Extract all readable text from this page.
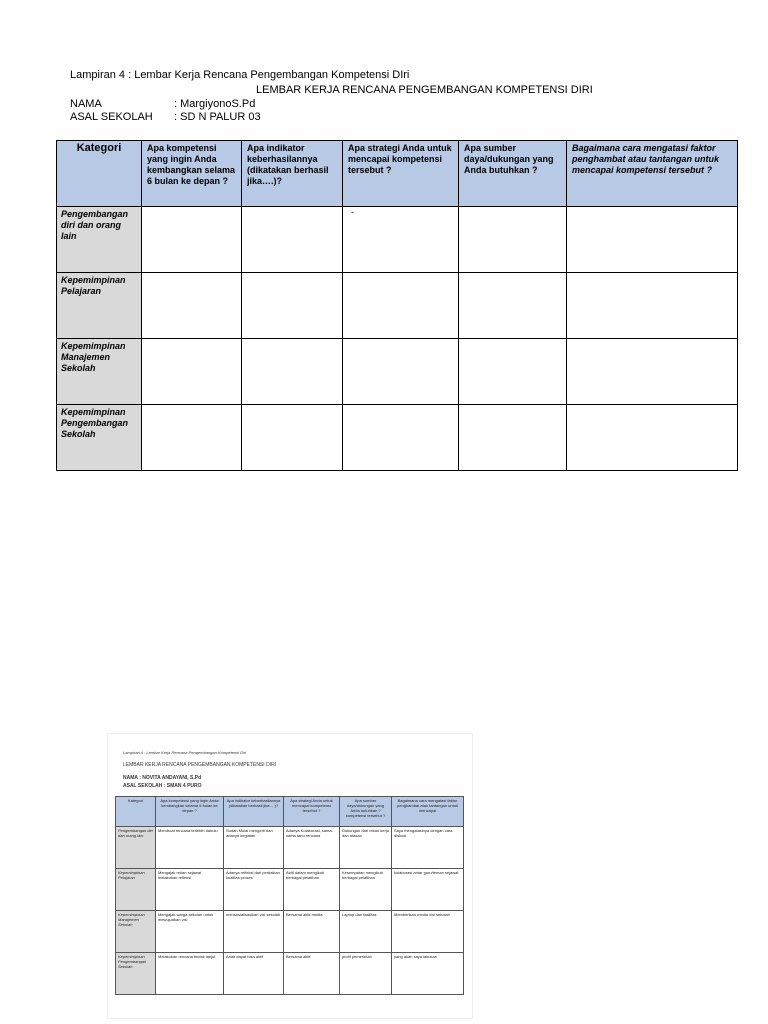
Lampiran 4 : Lembar Kerja Rencana Pengembangan Kompetensi DIri
LEMBAR KERJA RENCANA PENGEMBANGAN KOMPETENSI DIRI
NAMA	: MargiyonoS.Pd
ASAL SEKOLAH : SD N PALUR 03
Kategori	Apa kompetensi yang ingin Anda kembangkan selama 6 bulan ke depan ?	Apa indikator keberhasilannya (dikatakan berhasil jika….)?	Apa strategi Anda untuk mencapai kompetensi tersebut ?	Apa sumber daya/dukungan yang Anda butuhkan ?	Bagaimana cara mengatasi faktor penghambat atau tantangan untuk mencapai kompetensi tersebut ?
Pengembangan diri dan orang lain			-		
Kepemimpinan Pelajaran					
Kepemimpinan Manajemen Sekolah					
Kepemimpinan Pengembangan Sekolah					
Lampiran 4 : Lembar Kerja Rencana Pengembangan Kompetensi Diri
LEMBAR KERJA RENCANA PENGEMBANGAN KOMPETENSI DIRI
NAMA : NOVITA ANDAYANI, S.Pd
ASAL SEKOLAH : SMAN 4 PURO
Kategori	Apa kompetensi yang ingin Anda kembangkan selama 6 bulan ke depan ?	Apa indikator keberhasilannya (dikatakan berhasil jika….)?	Apa strategi Anda untuk mencapai kompetensi tersebut ?	Apa sumber daya/dukungan yang Anda butuhkan ? kompetensi tersebut ?	Bagaimana cara mengatasi faktor penghambat atau tantangan untuk mencapai
Pengembangan diri dan orang lain	Membuat rencana terlebih dahulu	Sudah Mulai mengerti dan adanya kegiatan	Adanya Kolaborasi, sama-sama tahu rencana	Dukungan dari rekan kerja dan atasan	Saya mengatasinya dengan cara diskusi
Kepemimpinan Pelajaran	Mengajak rekan sejawat melakukan refleksi	Adanya refleksi dari perbaikan kualitas proses	Aktif dalam mengikuti berbagai pelatihan	Kesempatan mengikuti berbagai pelatihan	kolaborasi antar guru/teman sejawat
Kepemimpinan Manajemen Sekolah	Mengajak warga sekolah untuk mewujudkan visi	mensosialisasikan visi sekolah	Bersama aktif media	Laptop dan fasilitas	Memberikan media visi sekolah
Kepemimpinan Pengembangan Sekolah	Melakukan rencana tindak lanjut	Anak dapat bisa aktif	Bersama aktif	profil pemerintah	yang akan saya lakukan
